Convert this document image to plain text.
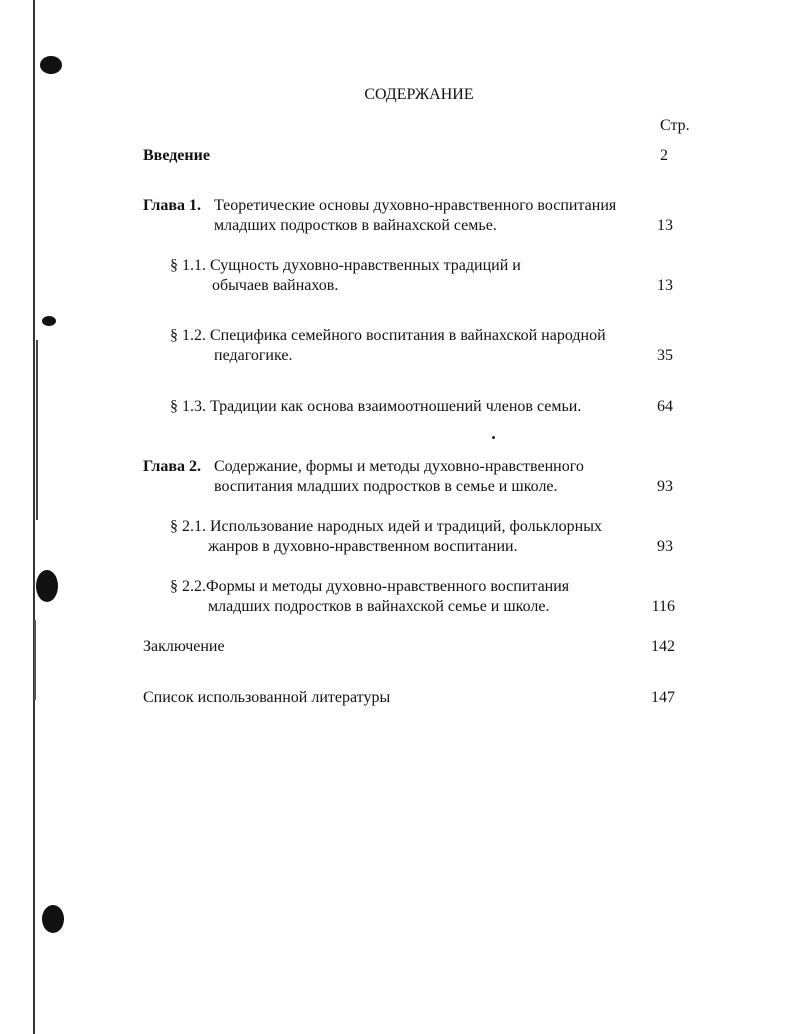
СОДЕРЖАНИЕ
Стр.
Введение	2
Глава 1. Теоретические основы духовно-нравственного воспитания
младших подростков в вайнахской семье.	13
§ 1.1. Сущность духовно-нравственных традиций и
обычаев вайнахов.	13
§ 1.2. Специфика семейного воспитания в вайнахской народной
педагогике.	35
§ 1.3. Традиции как основа взаимоотношений членов семьи.	64
Глава 2. Содержание, формы и методы духовно-нравственного
воспитания младших подростков в семье и школе.	93
§ 2.1. Использование народных идей и традиций, фольклорных
жанров в духовно-нравственном воспитании.	93
§ 2.2.Формы и методы духовно-нравственного воспитания
младших подростков в вайнахской семье и школе.	116
Заключение	142
Список использованной литературы	147
